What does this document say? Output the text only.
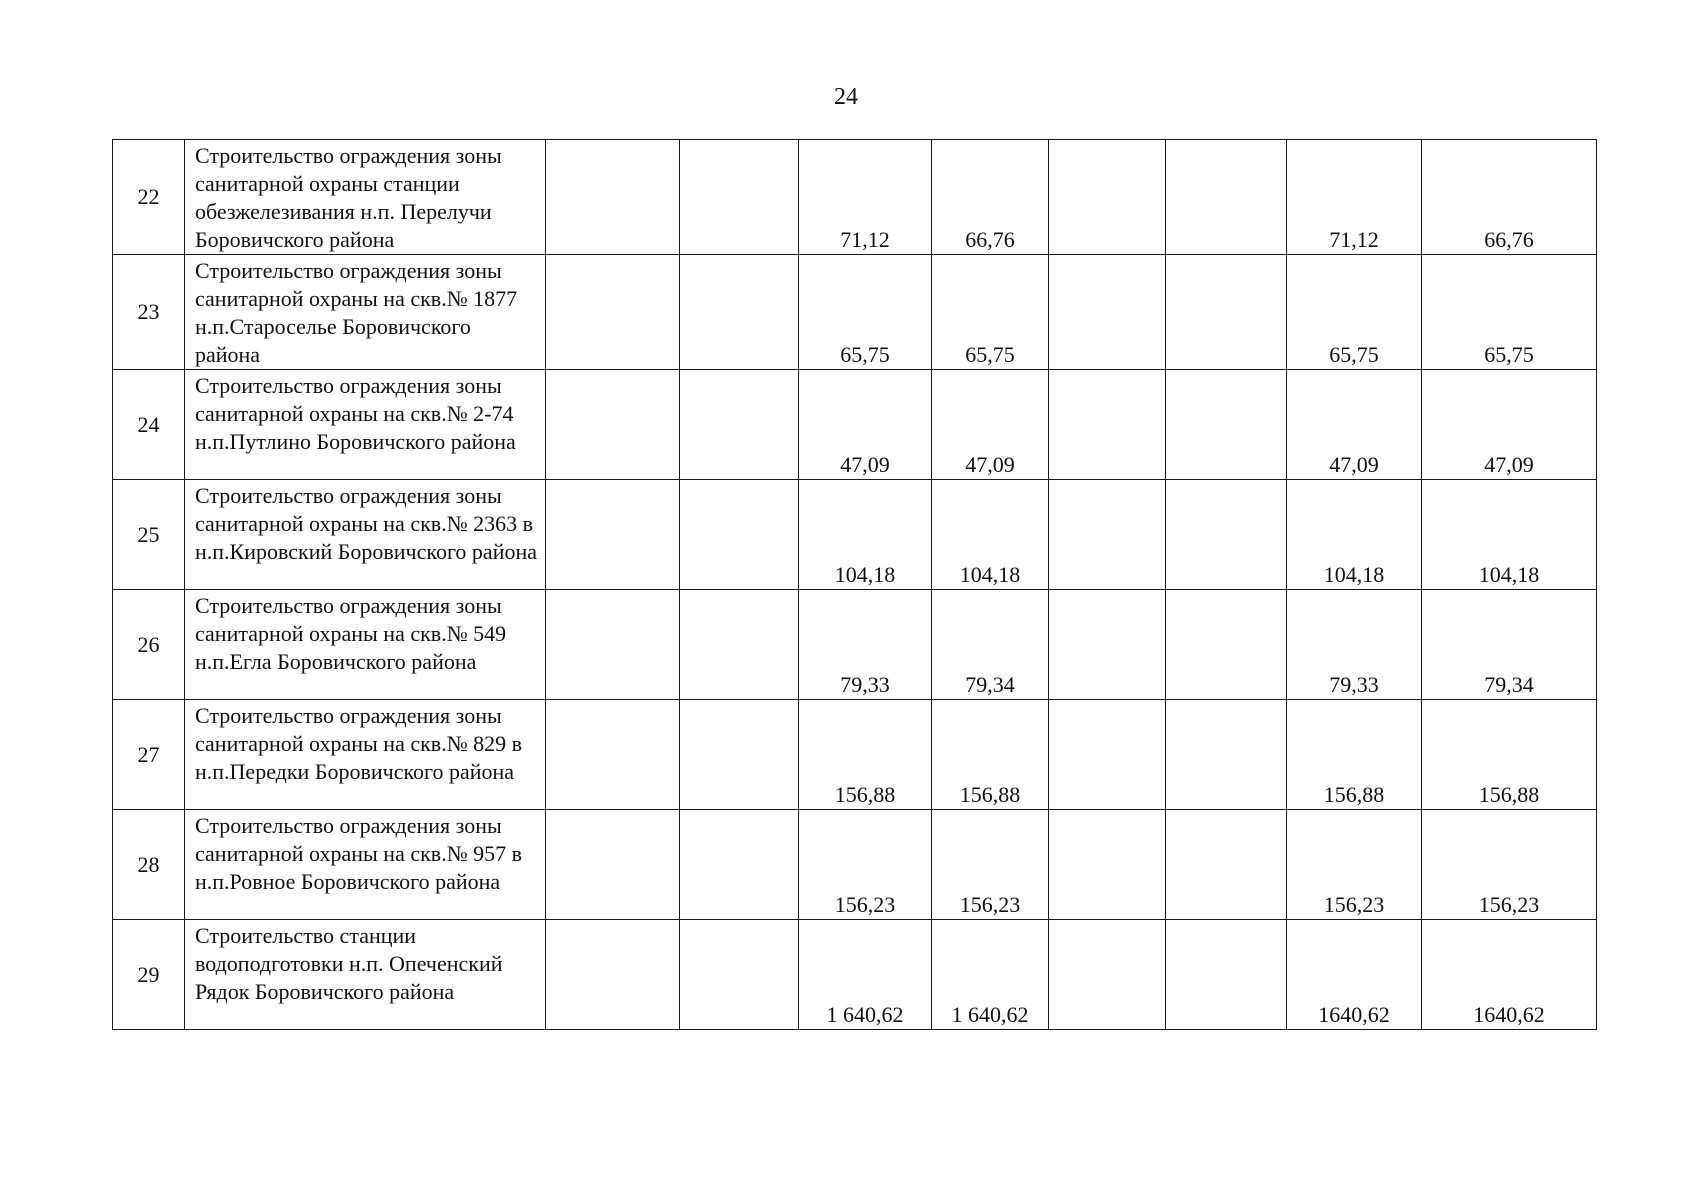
24
22	Строительство ограждения зоны санитарной охраны станции обезжелезивания н.п. Перелучи Боровичского района			71,12	66,76			71,12	66,76
23	Строительство ограждения зоны санитарной охраны на скв.№ 1877 н.п.Староселье Боровичского района			65,75	65,75			65,75	65,75
24	Строительство ограждения зоны санитарной охраны на скв.№ 2-74 н.п.Путлино Боровичского района			47,09	47,09			47,09	47,09
25	Строительство ограждения зоны санитарной охраны на скв.№ 2363 в н.п.Кировский Боровичского района			104,18	104,18			104,18	104,18
26	Строительство ограждения зоны санитарной охраны на скв.№ 549 н.п.Егла Боровичского района			79,33	79,34			79,33	79,34
27	Строительство ограждения зоны санитарной охраны на скв.№ 829 в н.п.Передки Боровичского района			156,88	156,88			156,88	156,88
28	Строительство ограждения зоны санитарной охраны на скв.№ 957 в н.п.Ровное Боровичского района			156,23	156,23			156,23	156,23
29	Строительство станции водоподготовки н.п. Опеченский Рядок Боровичского района			1 640,62	1 640,62			1640,62	1640,62
